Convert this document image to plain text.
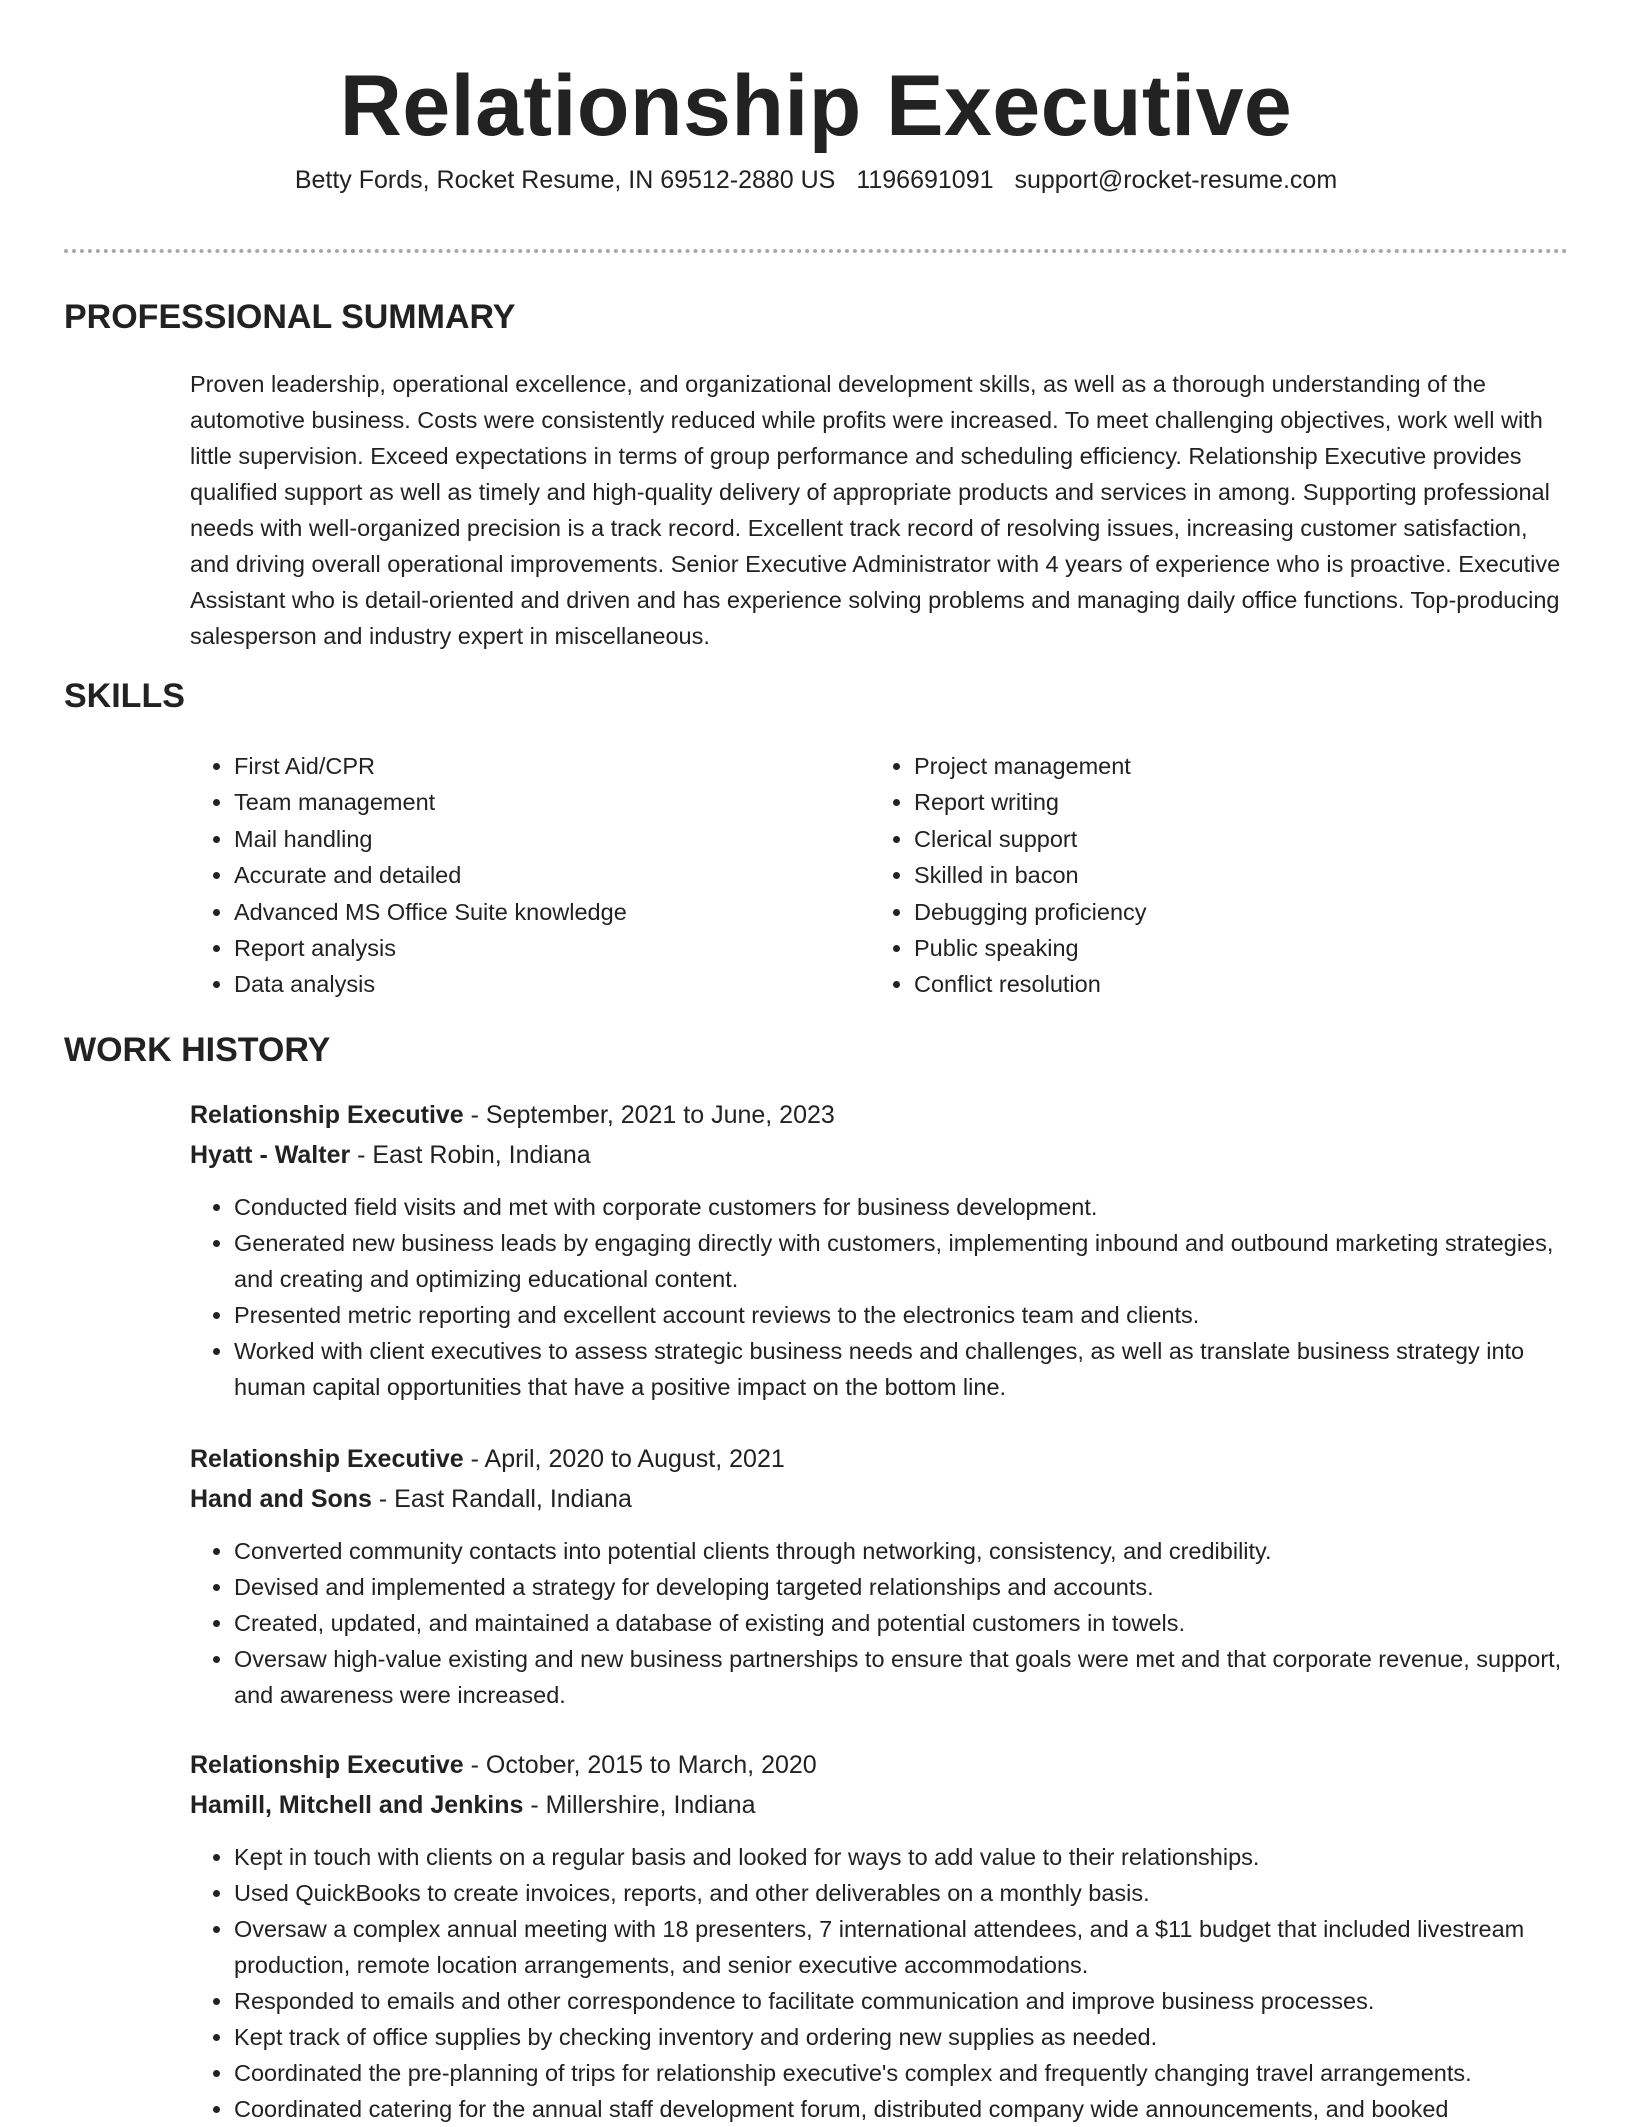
Relationship Executive
Betty Fords, Rocket Resume, IN 69512-2880 US 1196691091 support@rocket-resume.com
PROFESSIONAL SUMMARY

Proven leadership, operational excellence, and organizational development skills, as well as a thorough understanding of the automotive business. Costs were consistently reduced while profits were increased. To meet challenging objectives, work well with little supervision. Exceed expectations in terms of group performance and scheduling efficiency. Relationship Executive provides qualified support as well as timely and high-quality delivery of appropriate products and services in among. Supporting professional needs with well-organized precision is a track record. Excellent track record of resolving issues, increasing customer satisfaction, and driving overall operational improvements. Senior Executive Administrator with 4 years of experience who is proactive. Executive Assistant who is detail-oriented and driven and has experience solving problems and managing daily office functions. Top-producing salesperson and industry expert in miscellaneous.

SKILLS
• First Aid/CPR
• Team management
• Mail handling
• Accurate and detailed
• Advanced MS Office Suite knowledge
• Report analysis
• Data analysis
• Project management
• Report writing
• Clerical support
• Skilled in bacon
• Debugging proficiency
• Public speaking
• Conflict resolution
WORK HISTORY

Relationship Executive - September, 2021 to June, 2023

Hyatt - Walter - East Robin, Indiana

• Conducted field visits and met with corporate customers for business development.
• Generated new business leads by engaging directly with customers, implementing inbound and outbound marketing strategies, and creating and optimizing educational content.
• Presented metric reporting and excellent account reviews to the electronics team and clients.
• Worked with client executives to assess strategic business needs and challenges, as well as translate business strategy into human capital opportunities that have a positive impact on the bottom line.

Relationship Executive - April, 2020 to August, 2021

Hand and Sons - East Randall, Indiana

• Converted community contacts into potential clients through networking, consistency, and credibility.
• Devised and implemented a strategy for developing targeted relationships and accounts.
• Created, updated, and maintained a database of existing and potential customers in towels.
• Oversaw high-value existing and new business partnerships to ensure that goals were met and that corporate revenue, support, and awareness were increased.

Relationship Executive - October, 2015 to March, 2020

Hamill, Mitchell and Jenkins - Millershire, Indiana

• Kept in touch with clients on a regular basis and looked for ways to add value to their relationships.
• Used QuickBooks to create invoices, reports, and other deliverables on a monthly basis.
• Oversaw a complex annual meeting with 18 presenters, 7 international attendees, and a $11 budget that included livestream production, remote location arrangements, and senior executive accommodations.
• Responded to emails and other correspondence to facilitate communication and improve business processes.
• Kept track of office supplies by checking inventory and ordering new supplies as needed.
• Coordinated the pre-planning of trips for relationship executive's complex and frequently changing travel arrangements.
• Coordinated catering for the annual staff development forum, distributed company wide announcements, and booked
